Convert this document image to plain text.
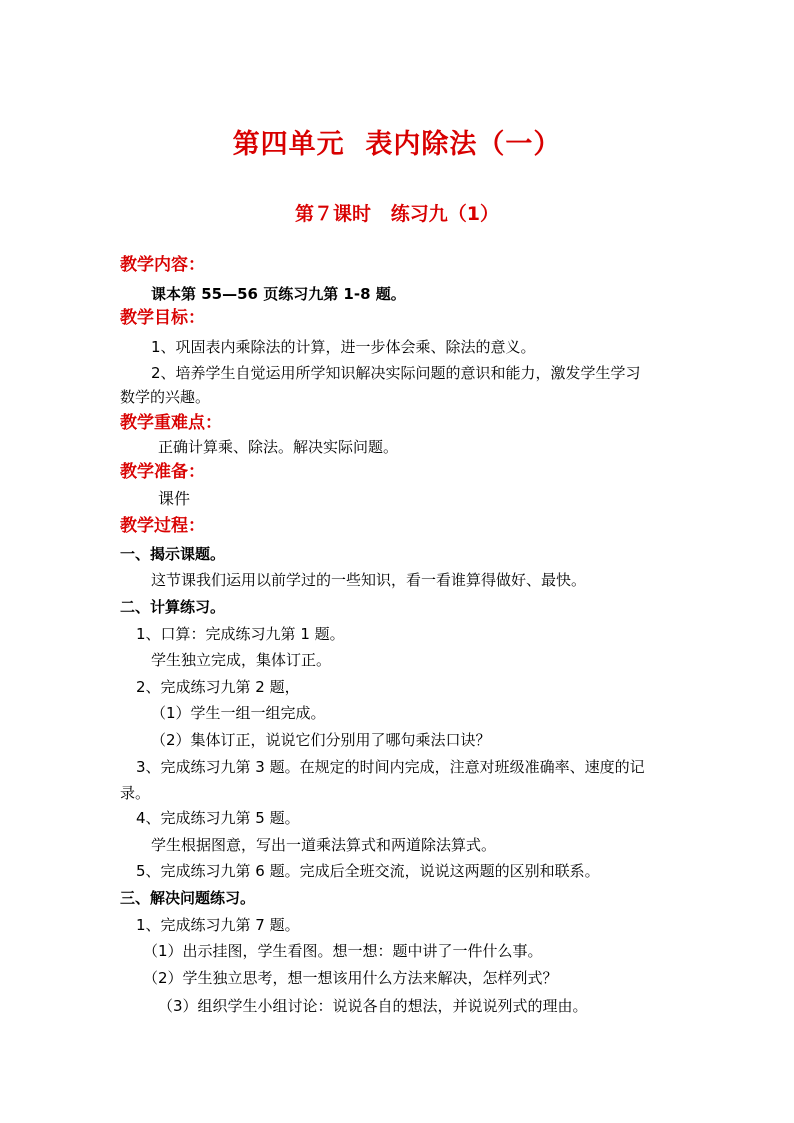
第四单元  表内除法（一）
第７课时   练习九（1）
教学内容：
课本第 55—56 页练习九第 1-8 题。
教学目标：
1、巩固表内乘除法的计算，进一步体会乘、除法的意义。
2、培养学生自觉运用所学知识解决实际问题的意识和能力，激发学生学习
数学的兴趣。
教学重难点：
正确计算乘、除法。解决实际问题。
教学准备：
课件
教学过程：
一、揭示课题。
这节课我们运用以前学过的一些知识，看一看谁算得做好、最快。
二、计算练习。
1、口算：完成练习九第 1 题。
学生独立完成，集体订正。
2、完成练习九第 2 题，
（1）学生一组一组完成。
（2）集体订正，说说它们分别用了哪句乘法口诀？
3、完成练习九第 3 题。在规定的时间内完成，注意对班级准确率、速度的记
录。
4、完成练习九第 5 题。
学生根据图意，写出一道乘法算式和两道除法算式。
5、完成练习九第 6 题。完成后全班交流，说说这两题的区别和联系。
三、解决问题练习。
1、完成练习九第 7 题。
（1）出示挂图，学生看图。想一想：题中讲了一件什么事。
（2）学生独立思考，想一想该用什么方法来解决，怎样列式？
（3）组织学生小组讨论：说说各自的想法，并说说列式的理由。
